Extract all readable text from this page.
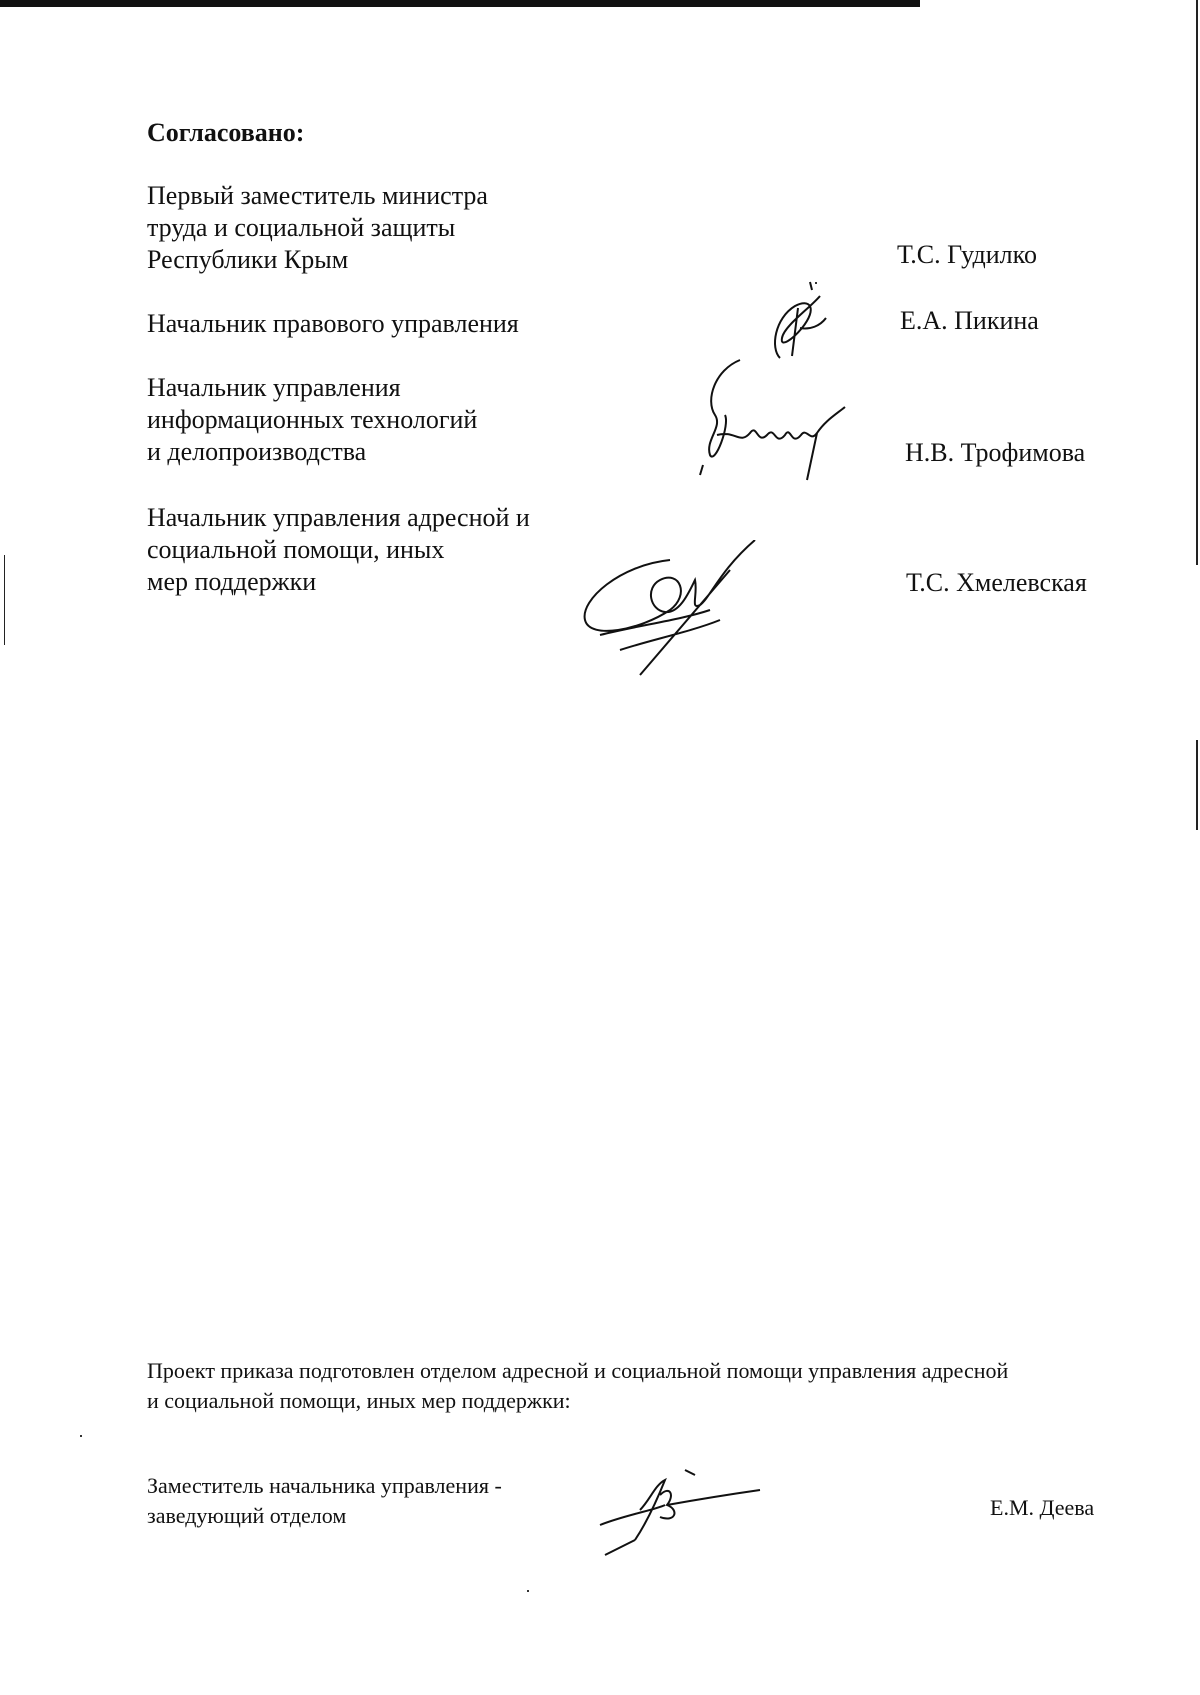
Согласовано:
Первый заместитель министра
труда и социальной защиты
Республики Крым	Т.С. Гудилко
Начальник правового управления	Е.А. Пикина
Начальник управления
информационных технологий
и делопроизводства	Н.В. Трофимова
Начальник управления адресной и
социальной помощи, иных
мер поддержки	Т.С. Хмелевская
Проект приказа подготовлен отделом адресной и социальной помощи управления адресной
и социальной помощи, иных мер поддержки:
Заместитель начальника управления -
заведующий отделом	Е.М. Деева
